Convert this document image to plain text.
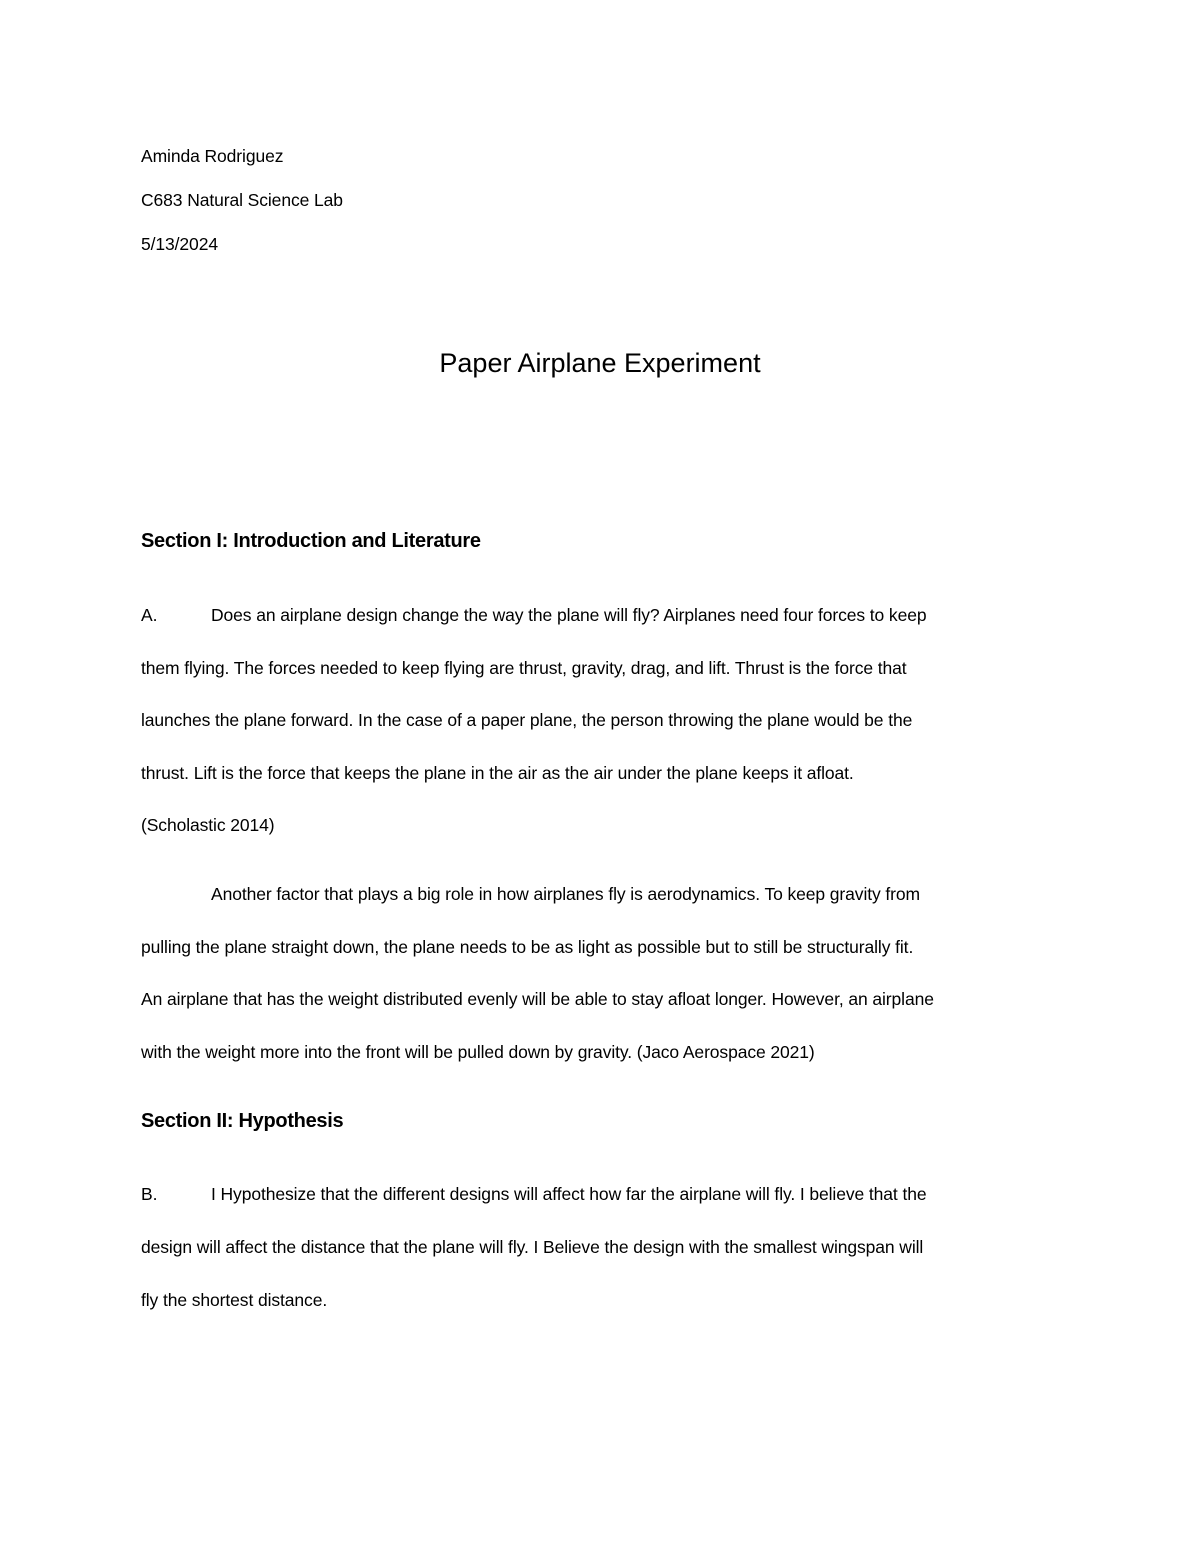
Aminda Rodriguez
C683 Natural Science Lab
5/13/2024
Paper Airplane Experiment
Section I: Introduction and Literature
A.	Does an airplane design change the way the plane will fly? Airplanes need four forces to keep
them flying. The forces needed to keep flying are thrust, gravity, drag, and lift. Thrust is the force that
launches the plane forward. In the case of a paper plane, the person throwing the plane would be the
thrust. Lift is the force that keeps the plane in the air as the air under the plane keeps it afloat.
(Scholastic 2014)
Another factor that plays a big role in how airplanes fly is aerodynamics. To keep gravity from
pulling the plane straight down, the plane needs to be as light as possible but to still be structurally fit.
An airplane that has the weight distributed evenly will be able to stay afloat longer. However, an airplane
with the weight more into the front will be pulled down by gravity. (Jaco Aerospace 2021)
Section II: Hypothesis
B.	I Hypothesize that the different designs will affect how far the airplane will fly. I believe that the
design will affect the distance that the plane will fly. I Believe the design with the smallest wingspan will
fly the shortest distance.
